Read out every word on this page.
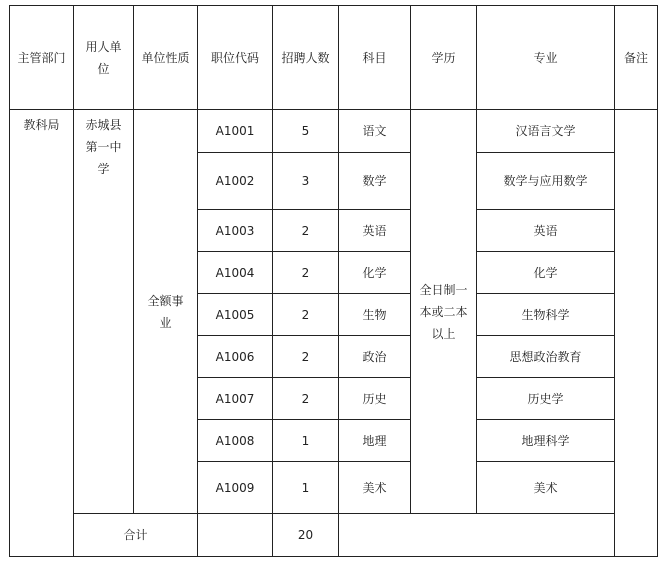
主管部门	用人单位	单位性质	职位代码	招聘人数	科目	学历	专业	备注
教科局	赤城县第一中学	全额事业	A1001	5	语文	全日制一本或二本以上	汉语言文学	
			A1002	3	数学		数学与应用数学	
			A1003	2	英语		英语	
			A1004	2	化学		化学	
			A1005	2	生物		生物科学	
			A1006	2	政治		思想政治教育	
			A1007	2	历史		历史学	
			A1008	1	地理		地理科学	
			A1009	1	美术		美术	
	合计			20				
